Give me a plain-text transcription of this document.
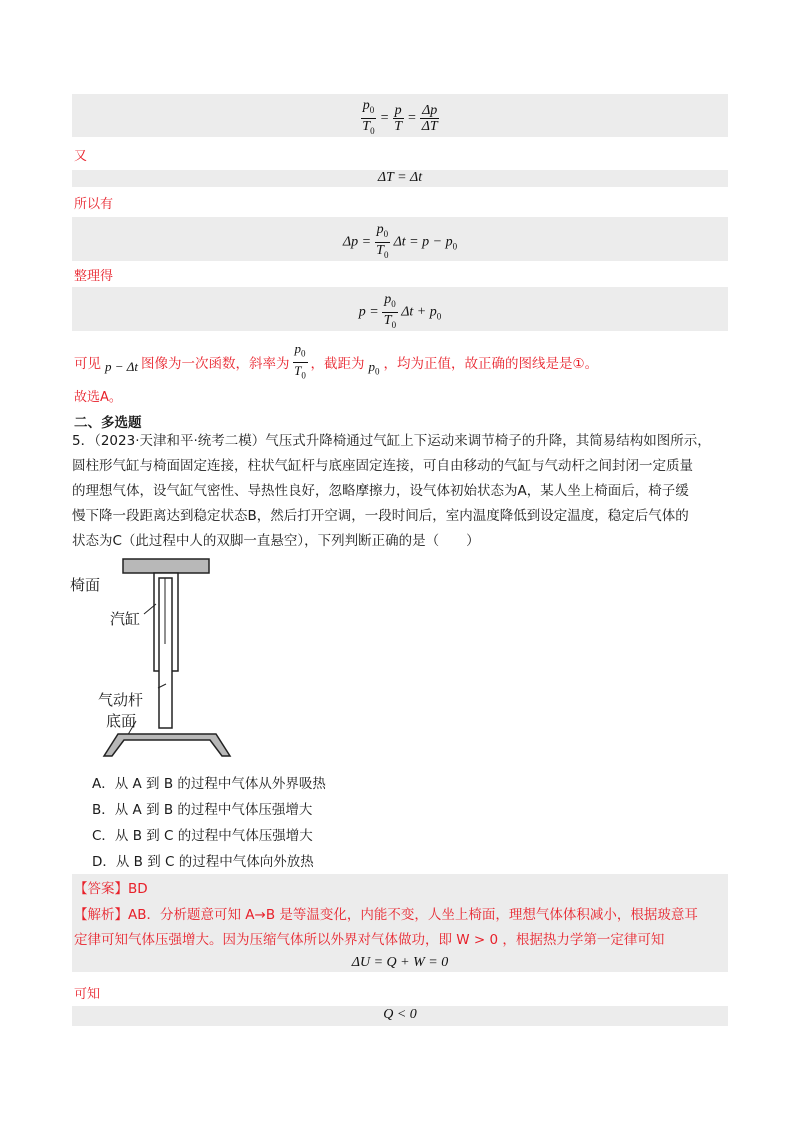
$\frac{p_0}{T_0} = \frac{p}{T} = \frac{\Delta p}{\Delta T}$
又
ΔT = Δt
所以有
$\Delta p = \frac{p_0}{T_0}$ $\Delta t = p - p_0$
整理得
$p = \frac{p_0}{T_0}$ $\Delta t + p_0$
可见 p − Δt 图像为一次函数，斜率为 $\frac{p_0}{T_0}$ ，截距为 $p_0$ ，均为正值，故正确的图线是是①。
故选A。
二、多选题
5．（2023·天津和平·统考二模）气压式升降椅通过气缸上下运动来调节椅子的升降，其简易结构如图所示，
圆柱形气缸与椅面固定连接，柱状气缸杆与底座固定连接，可自由移动的气缸与气动杆之间封闭一定质量
的理想气体，设气缸气密性、导热性良好，忽略摩擦力，设气体初始状态为A，某人坐上椅面后，椅子缓
慢下降一段距离达到稳定状态B，然后打开空调，一段时间后，室内温度降低到设定温度，稳定后气体的
状态为C（此过程中人的双脚一直悬空），下列判断正确的是（　　）
椅面
汽缸
气动杆
底面
A．从 A 到 B 的过程中气体从外界吸热
B．从 A 到 B 的过程中气体压强增大
C．从 B 到 C 的过程中气体压强增大
D．从 B 到 C 的过程中气体向外放热
【答案】BD
【解析】AB．分析题意可知 A→B 是等温变化，内能不变，人坐上椅面，理想气体体积减小，根据玻意耳
定律可知气体压强增大。因为压缩气体所以外界对气体做功，即 W > 0 ，根据热力学第一定律可知
ΔU = Q + W = 0
可知
Q < 0
